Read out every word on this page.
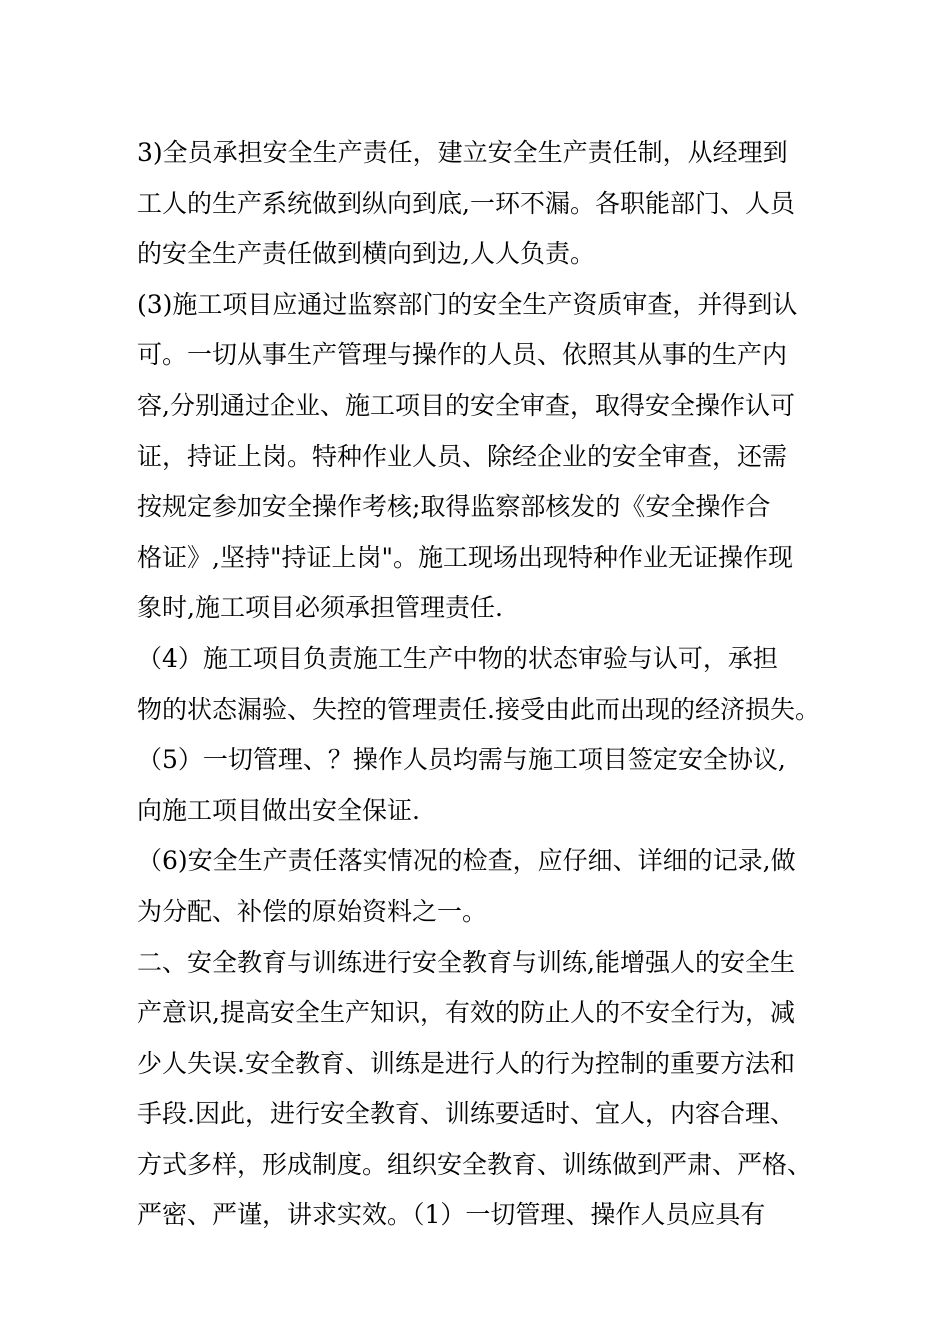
3)全员承担安全生产责任，建立安全生产责任制，从经理到
工人的生产系统做到纵向到底,一环不漏。各职能部门、人员
的安全生产责任做到横向到边,人人负责。
(3)施工项目应通过监察部门的安全生产资质审查，并得到认
可。一切从事生产管理与操作的人员、依照其从事的生产内
容,分别通过企业、施工项目的安全审查，取得安全操作认可
证，持证上岗。特种作业人员、除经企业的安全审查，还需
按规定参加安全操作考核;取得监察部核发的《安全操作合
格证》,坚持"持证上岗"。施工现场出现特种作业无证操作现
象时,施工项目必须承担管理责任.
（4）施工项目负责施工生产中物的状态审验与认可，承担
物的状态漏验、失控的管理责任.接受由此而出现的经济损失。
（5）一切管理、？操作人员均需与施工项目签定安全协议,
向施工项目做出安全保证.
（6)安全生产责任落实情况的检查，应仔细、详细的记录,做
为分配、补偿的原始资料之一。
二、安全教育与训练进行安全教育与训练,能增强人的安全生
产意识,提高安全生产知识，有效的防止人的不安全行为，减
少人失误.安全教育、训练是进行人的行为控制的重要方法和
手段.因此，进行安全教育、训练要适时、宜人，内容合理、
方式多样，形成制度。组织安全教育、训练做到严肃、严格、
严密、严谨，讲求实效。（1）一切管理、操作人员应具有
